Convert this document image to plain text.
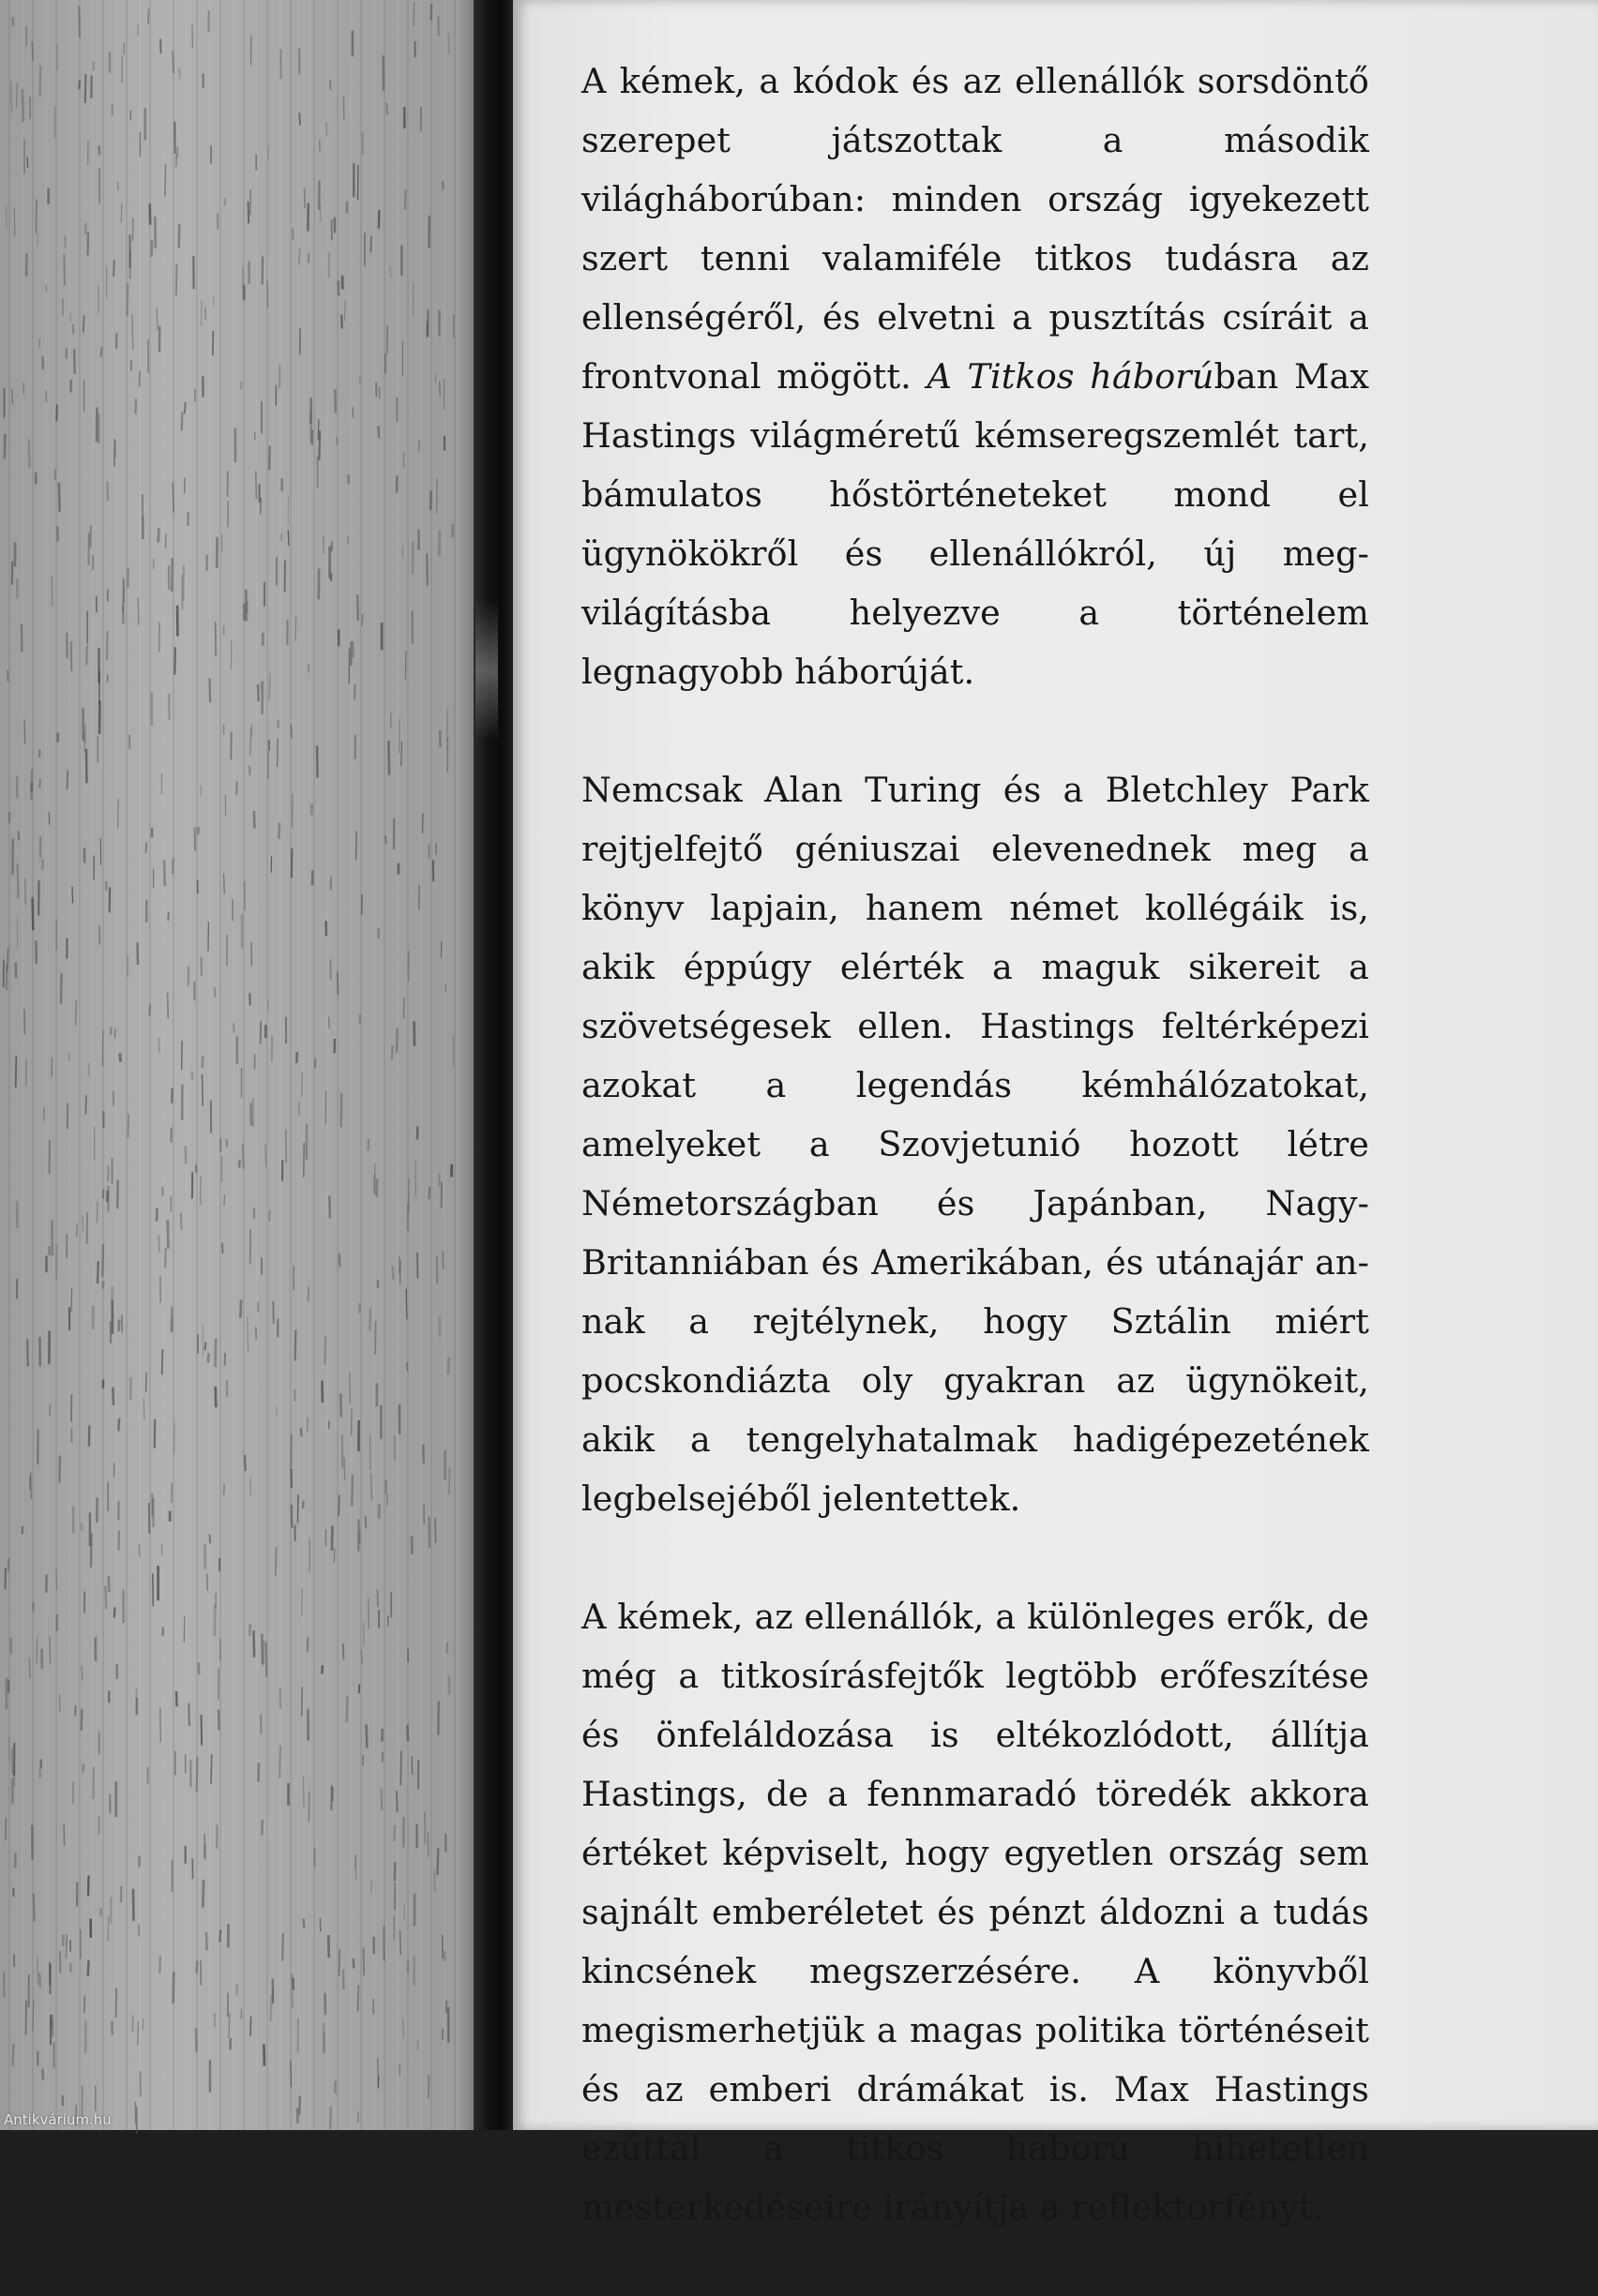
A kémek, a kódok és az ellenállók sorsdöntő szerepet játszottak a második világháborúban: minden ország igyekezett szert tenni valamiféle titkos tudásra az ellenségéről, és elvetni a pusztítás csíráit a frontvonal mögött. A Titkos háborúban Max Hastings világméretű kémseregszemlét tart, bámulatos hőstörténeteket mond el ügynökökről és ellenállókról, új megvilágításba helyezve a történelem legnagyobb háborúját.

Nemcsak Alan Turing és a Bletchley Park rejtjelfejtő géniuszai elevenednek meg a könyv lapjain, hanem német kollégáik is, akik éppúgy elérték a maguk sikereit a szövetségesek ellen. Hastings feltérképezi azokat a legendás kémhálózatokat, amelyeket a Szovjetunió hozott létre Németországban és Japánban, Nagy-Britanniában és Amerikában, és utánajár annak a rejtélynek, hogy Sztálin miért pocskondiázta oly gyakran az ügynökeit, akik a tengelyhatalmak hadigépezetének legbelsejéből jelentettek.

A kémek, az ellenállók, a különleges erők, de még a titkosírásfejtők legtöbb erőfeszítése és önfeláldozása is eltékozlódott, állítja Hastings, de a fennmaradó töredék akkora értéket képviselt, hogy egyetlen ország sem sajnált emberéletet és pénzt áldozni a tudás kincsének megszerzésére. A könyvből megismerhetjük a magas politika történéseit és az emberi drámákat is. Max Hastings ezúttal a titkos háború hihetetlen mesterkedéseire irányítja a reflektorfényt.

Antikvárium.hu
